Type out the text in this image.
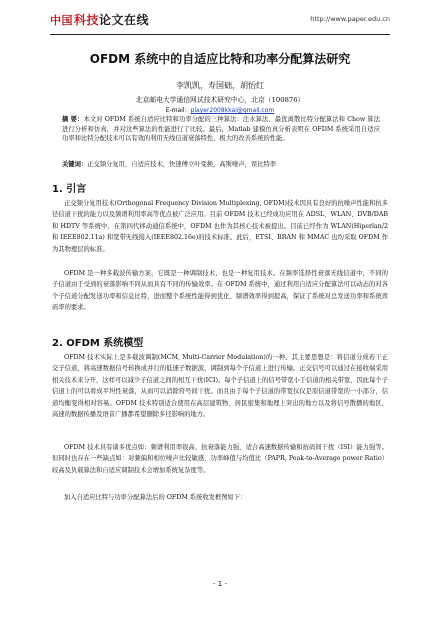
中国科技论文在线	http://www.paper.edu.cn
OFDM 系统中的自适应比特和功率分配算法研究
李凯凯，寿国础，胡怡红
北京邮电大学通信网试技术研究中心，北京（100876）
E-mail：player2008kkai@gmail.com
摘 要：本文对 OFDM 系统自适应比特和功率分配的三种算法：注水算法、最优离散比特分配算法和 Chow 算法进行分析和仿真，并对这些算法的性能进行了比较。最后，Matlab 建模仿真分析表明在 OFDM 系统采用自适应功率和比特分配技术可以有效的利用无线信道衰落特性，极大的改善系统的性能。
关键词：正交频分复用，自适应技术，快速傅立叶变换，高斯噪声，误比特率
1. 引言
正交频分复用技术(Orthogonal Frequency Division Multiplexing, OFDM)技术因具有良好的抗噪声性能和抗多径信道干扰的能力以及频谱利用率高等优点被广泛应用。目前 OFDM 技术已经成功应用在 ADSL、WLAN、DVB/DAB 和 HDTV 等系统中，在第四代移动通信系统中，OFDM 也作为其核心技术被提出。目前已经作为 WLAN(Hiperlan/2 和 IEEE802.11a) 和宽带无线接入(IEEE802.16e)的技术标准。此后，ETSI、BRAN 和 MMAC 也均采取 OFDM 作为其物理层的标准。
OFDM 是一种多载波传输方案，它既是一种调制技术，也是一种复用技术。在频率选择性衰落无线信道中，不同的子信道由于受到的衰落影响不同从而具有不同的传输效率。在 OFDM 系统中，通过利用自适应分配算法可以动态的对各个子信道分配发送功率和信息比特，进而整个系统性能得到优化、频谱效率得到提高，保证了系统对总发送功率和系统误码率的要求。
2. OFDM 系统模型
OFDM 技术实际上是多载波调制(MCM, Multi-Carrier Modulation)的一种。其主要思想是：将信道分成若干正交子信道，将高速数据信号转换成并行的低速子数据流，调制到每个子信道上进行传输。正交信号可以通过在接收端采用相关技术来分开，这样可以减少子信道之间的相互干扰(ICI)。每个子信道上的信号带宽小于信道的相关带宽，因此每个子信道上的可以看成平坦性衰落，从而可以消除符号间干扰。而且由于每个子信道的带宽仅仅是原信道带宽的一小部分，信道均衡变得相对容易。OFDM 技术特别适合使用在高层建筑物、居民密集和地理上突出的地方以及将信号散播的地区，高速的数据传播及语音广播都希望删除多径影响的地方。
OFDM 技术具有诸多优点如：频谱利用率很高、抗衰落能力强、适合高速数据传输和抗码间干扰（ISI）能力强等。但同时也存在一些缺点如：对频偏和相位噪声比较敏感、功率峰值与均值比（PAPR, Peak-to-Average power Ratio）较高及负载算法和自适应调制技术会增加系统复杂度等。
加入自适应比特与功率分配算法后的 OFDM 系统收发框图如下：
- 1 -
